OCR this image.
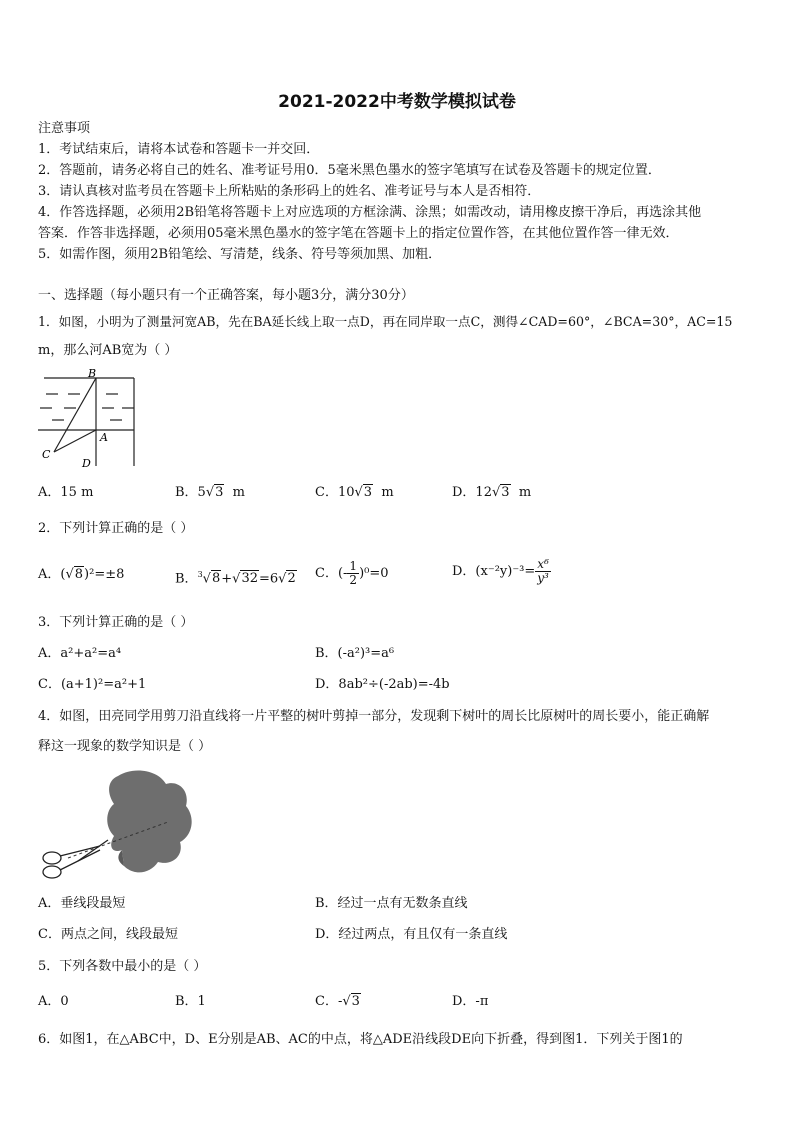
2021-2022中考数学模拟试卷
注意事项
1．考试结束后，请将本试卷和答题卡一并交回．
2．答题前，请务必将自己的姓名、准考证号用0．5毫米黑色墨水的签字笔填写在试卷及答题卡的规定位置．
3．请认真核对监考员在答题卡上所粘贴的条形码上的姓名、准考证号与本人是否相符．
4．作答选择题，必须用2B铅笔将答题卡上对应选项的方框涂满、涂黑；如需改动，请用橡皮擦干净后，再选涂其他
答案．作答非选择题，必须用05毫米黑色墨水的签字笔在答题卡上的指定位置作答，在其他位置作答一律无效．
5．如需作图，须用2B铅笔绘、写清楚，线条、符号等须加黑、加粗．
一、选择题（每小题只有一个正确答案，每小题3分，满分30分）
1．如图，小明为了测量河宽AB，先在BA延长线上取一点D，再在同岸取一点C，测得∠CAD=60°，∠BCA=30°，AC=15
m，那么河AB宽为（ ）
B
A
C
D
A．15 m	B．5√3 m	C．10√3 m	D．12√3 m
2．下列计算正确的是（ ）
A．(√8)²=±8	B．$^3$√8+√32=6√2 C．(- $\frac{1}{2} )^0=0$	D．$(x^{-2}y)^{-3}= \frac{\text{x⁶}}{\text{y³}}$
3．下列计算正确的是（ ）
A．a²+a²=a⁴	B．(-a²)³=a⁶
C．(a+1)²=a²+1	D．8ab²÷(-2ab)=-4b
4．如图，田亮同学用剪刀沿直线将一片平整的树叶剪掉一部分，发现剩下树叶的周长比原树叶的周长要小，能正确解
释这一现象的数学知识是（ ）
A．垂线段最短	B．经过一点有无数条直线
C．两点之间，线段最短	D．经过两点，有且仅有一条直线
5．下列各数中最小的是（ ）
A．0	B．1	C．-√3	D．-π
6．如图1，在△ABC中，D、E分别是AB、AC的中点，将△ADE沿线段DE向下折叠，得到图1．下列关于图1的
